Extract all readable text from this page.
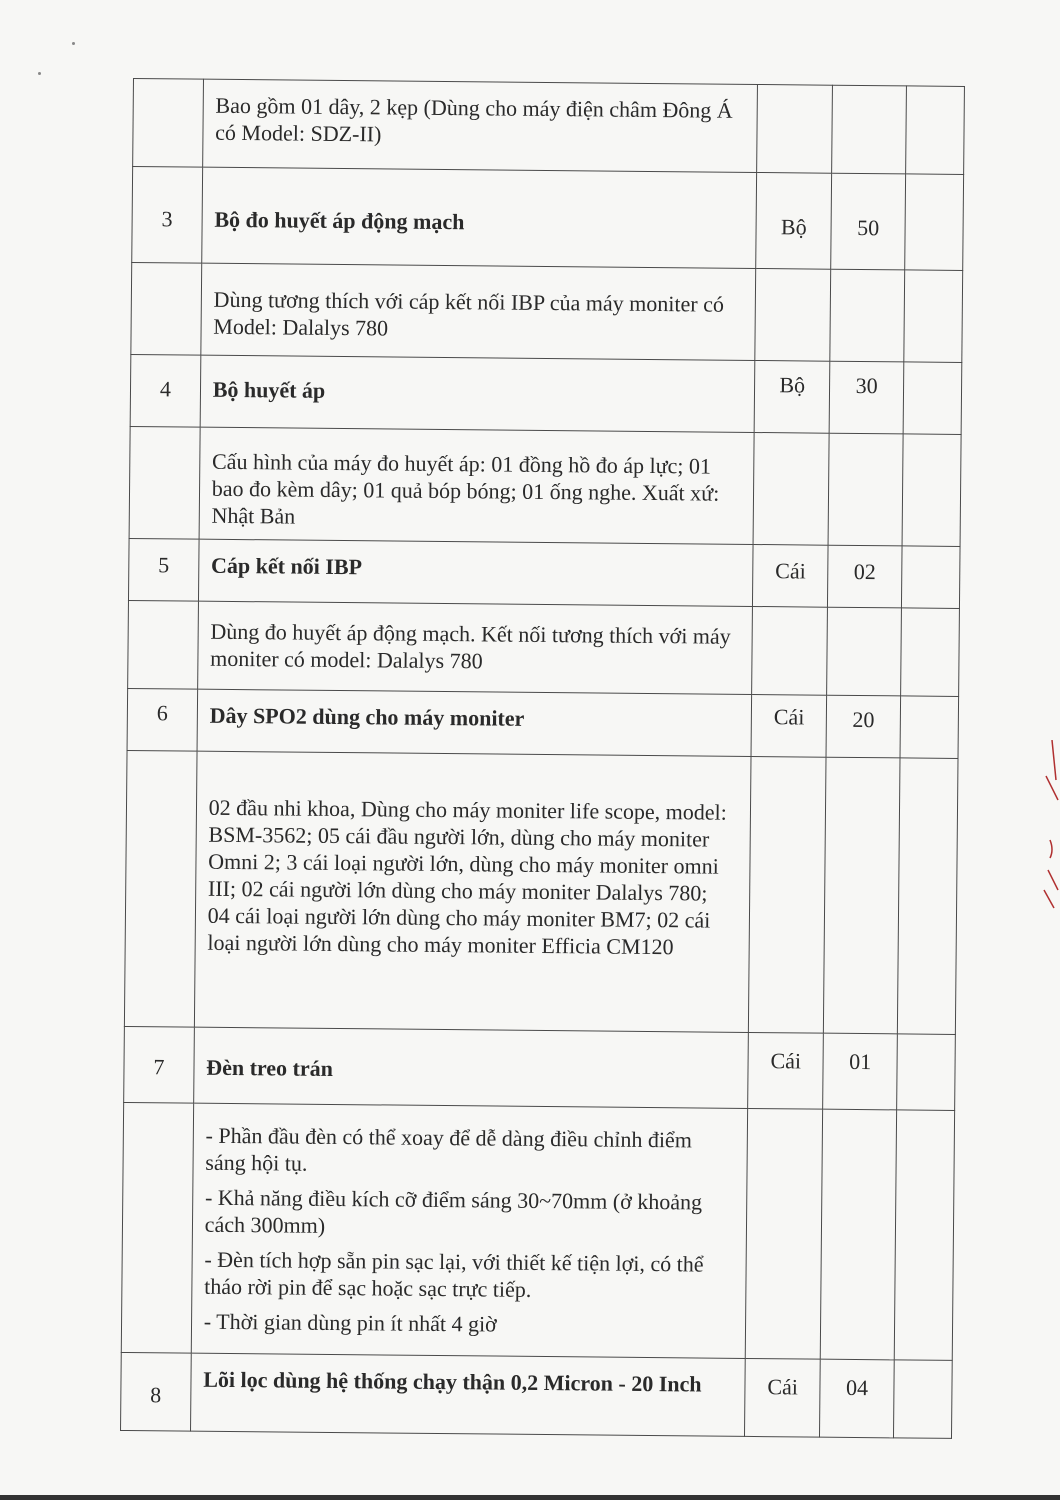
	Bao gồm 01 dây, 2 kẹp (Dùng cho máy điện châm Đông Á có Model: SDZ-II)			
3	Bộ đo huyết áp động mạch	Bộ	50	
	Dùng tương thích với cáp kết nối IBP của máy moniter có Model: Dalalys 780			
4	Bộ huyết áp	Bộ	30	
	Cấu hình của máy đo huyết áp: 01 đồng hồ đo áp lực; 01 bao đo kèm dây; 01 quả bóp bóng; 01 ống nghe. Xuất xứ: Nhật Bản			
5	Cáp kết nối IBP	Cái	02	
	Dùng đo huyết áp động mạch. Kết nối tương thích với máy moniter có model: Dalalys 780			
6	Dây SPO2 dùng cho máy moniter	Cái	20	
	02 đầu nhi khoa, Dùng cho máy moniter life scope, model: BSM-3562; 05 cái đầu người lớn, dùng cho máy moniter Omni 2; 3 cái loại người lớn, dùng cho máy moniter omni III; 02 cái người lớn dùng cho máy moniter Dalalys 780; 04 cái loại người lớn dùng cho máy moniter BM7; 02 cái loại người lớn dùng cho máy moniter Efficia CM120			
7	Đèn treo trán	Cái	01	

	- Phần đầu đèn có thể xoay để dễ dàng điều chỉnh điểm sáng hội tụ.

- Khả năng điều kích cỡ điểm sáng 30~70mm (ở khoảng cách 300mm)

- Đèn tích hợp sẵn pin sạc lại, với thiết kế tiện lợi, có thể tháo rời pin để sạc hoặc sạc trực tiếp.

- Thời gian dùng pin ít nhất 4 giờ			

8	Lõi lọc dùng hệ thống chạy thận 0,2 Micron - 20 Inch	Cái	04	
